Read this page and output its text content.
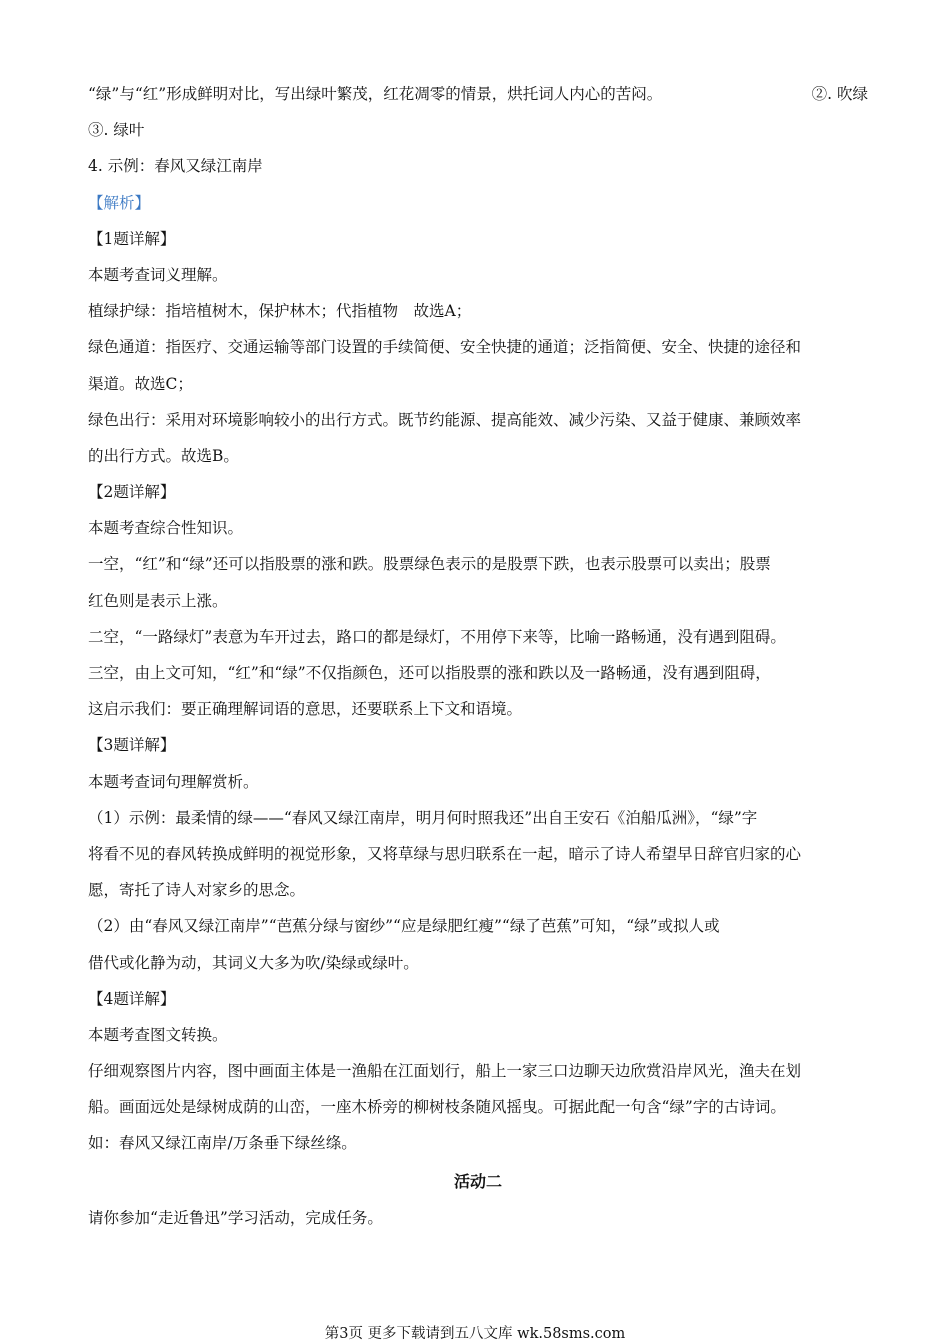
“绿”与“红”形成鲜明对比，写出绿叶繁茂，红花凋零的情景，烘托词人内心的苦闷。	②. 吹绿
③. 绿叶
4. 示例：春风又绿江南岸
【解析】
【1题详解】
本题考查词义理解。
植绿护绿：指培植树木，保护林木；代指植物　故选A；
绿色通道：指医疗、交通运输等部门设置的手续简便、安全快捷的通道；泛指简便、安全、快捷的途径和
渠道。故选C；
绿色出行：采用对环境影响较小的出行方式。既节约能源、提高能效、减少污染、又益于健康、兼顾效率
的出行方式。故选B。
【2题详解】
本题考查综合性知识。
一空，“红”和“绿”还可以指股票的涨和跌。股票绿色表示的是股票下跌，也表示股票可以卖出；股票
红色则是表示上涨。
二空，“一路绿灯”表意为车开过去，路口的都是绿灯，不用停下来等，比喻一路畅通，没有遇到阻碍。
三空，由上文可知，“红”和“绿”不仅指颜色，还可以指股票的涨和跌以及一路畅通，没有遇到阻碍，
这启示我们：要正确理解词语的意思，还要联系上下文和语境。
【3题详解】
本题考查词句理解赏析。
（1）示例：最柔情的绿——“春风又绿江南岸，明月何时照我还”出自王安石《泊船瓜洲》，“绿”字
将看不见的春风转换成鲜明的视觉形象，又将草绿与思归联系在一起，暗示了诗人希望早日辞官归家的心
愿，寄托了诗人对家乡的思念。
（2）由“春风又绿江南岸”“芭蕉分绿与窗纱”“应是绿肥红瘦”“绿了芭蕉”可知，“绿”或拟人或
借代或化静为动，其词义大多为吹/染绿或绿叶。
【4题详解】
本题考查图文转换。
仔细观察图片内容，图中画面主体是一渔船在江面划行，船上一家三口边聊天边欣赏沿岸风光，渔夫在划
船。画面远处是绿树成荫的山峦，一座木桥旁的柳树枝条随风摇曳。可据此配一句含“绿”字的古诗词。
如：春风又绿江南岸/万条垂下绿丝绦。
活动二
请你参加“走近鲁迅”学习活动，完成任务。
第3页 更多下载请到五八文库 wk.58sms.com
